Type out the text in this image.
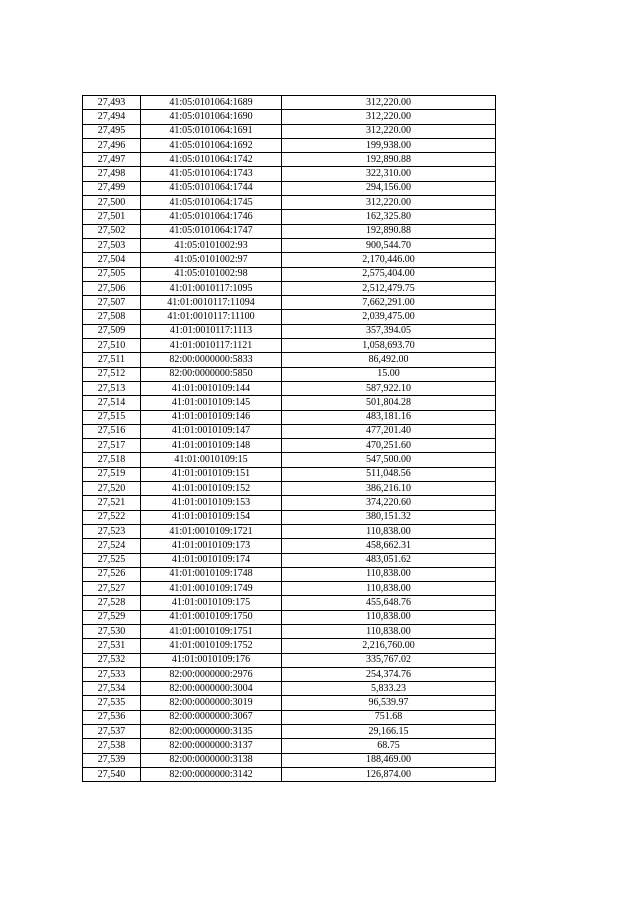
27,493	41:05:0101064:1689	312,220.00
27,494	41:05:0101064:1690	312,220.00
27,495	41:05:0101064:1691	312,220.00
27,496	41:05:0101064:1692	199,938.00
27,497	41:05:0101064:1742	192,890.88
27,498	41:05:0101064:1743	322,310.00
27,499	41:05:0101064:1744	294,156.00
27,500	41:05:0101064:1745	312,220.00
27,501	41:05:0101064:1746	162,325.80
27,502	41:05:0101064:1747	192,890.88
27,503	41:05:0101002:93	900,544.70
27,504	41:05:0101002:97	2,170,446.00
27,505	41:05:0101002:98	2,575,404.00
27,506	41:01:0010117:1095	2,512,479.75
27,507	41:01:0010117:11094	7,662,291.00
27,508	41:01:0010117:11100	2,039,475.00
27,509	41:01:0010117:1113	357,394.05
27,510	41:01:0010117:1121	1,058,693.70
27,511	82:00:0000000:5833	86,492.00
27,512	82:00:0000000:5850	15.00
27,513	41:01:0010109:144	587,922.10
27,514	41:01:0010109:145	501,804.28
27,515	41:01:0010109:146	483,181.16
27,516	41:01:0010109:147	477,201.40
27,517	41:01:0010109:148	470,251.60
27,518	41:01:0010109:15	547,500.00
27,519	41:01:0010109:151	511,048.56
27,520	41:01:0010109:152	386,216.10
27,521	41:01:0010109:153	374,220.60
27,522	41:01:0010109:154	380,151.32
27,523	41:01:0010109:1721	110,838.00
27,524	41:01:0010109:173	458,662.31
27,525	41:01:0010109:174	483,051.62
27,526	41:01:0010109:1748	110,838.00
27,527	41:01:0010109:1749	110,838.00
27,528	41:01:0010109:175	455,648.76
27,529	41:01:0010109:1750	110,838.00
27,530	41:01:0010109:1751	110,838.00
27,531	41:01:0010109:1752	2,216,760.00
27,532	41:01:0010109:176	335,767.02
27,533	82:00:0000000:2976	254,374.76
27,534	82:00:0000000:3004	5,833.23
27,535	82:00:0000000:3019	96,539.97
27,536	82:00:0000000:3067	751.68
27,537	82:00:0000000:3135	29,166.15
27,538	82:00:0000000:3137	68.75
27,539	82:00:0000000:3138	188,469.00
27,540	82:00:0000000:3142	126,874.00
